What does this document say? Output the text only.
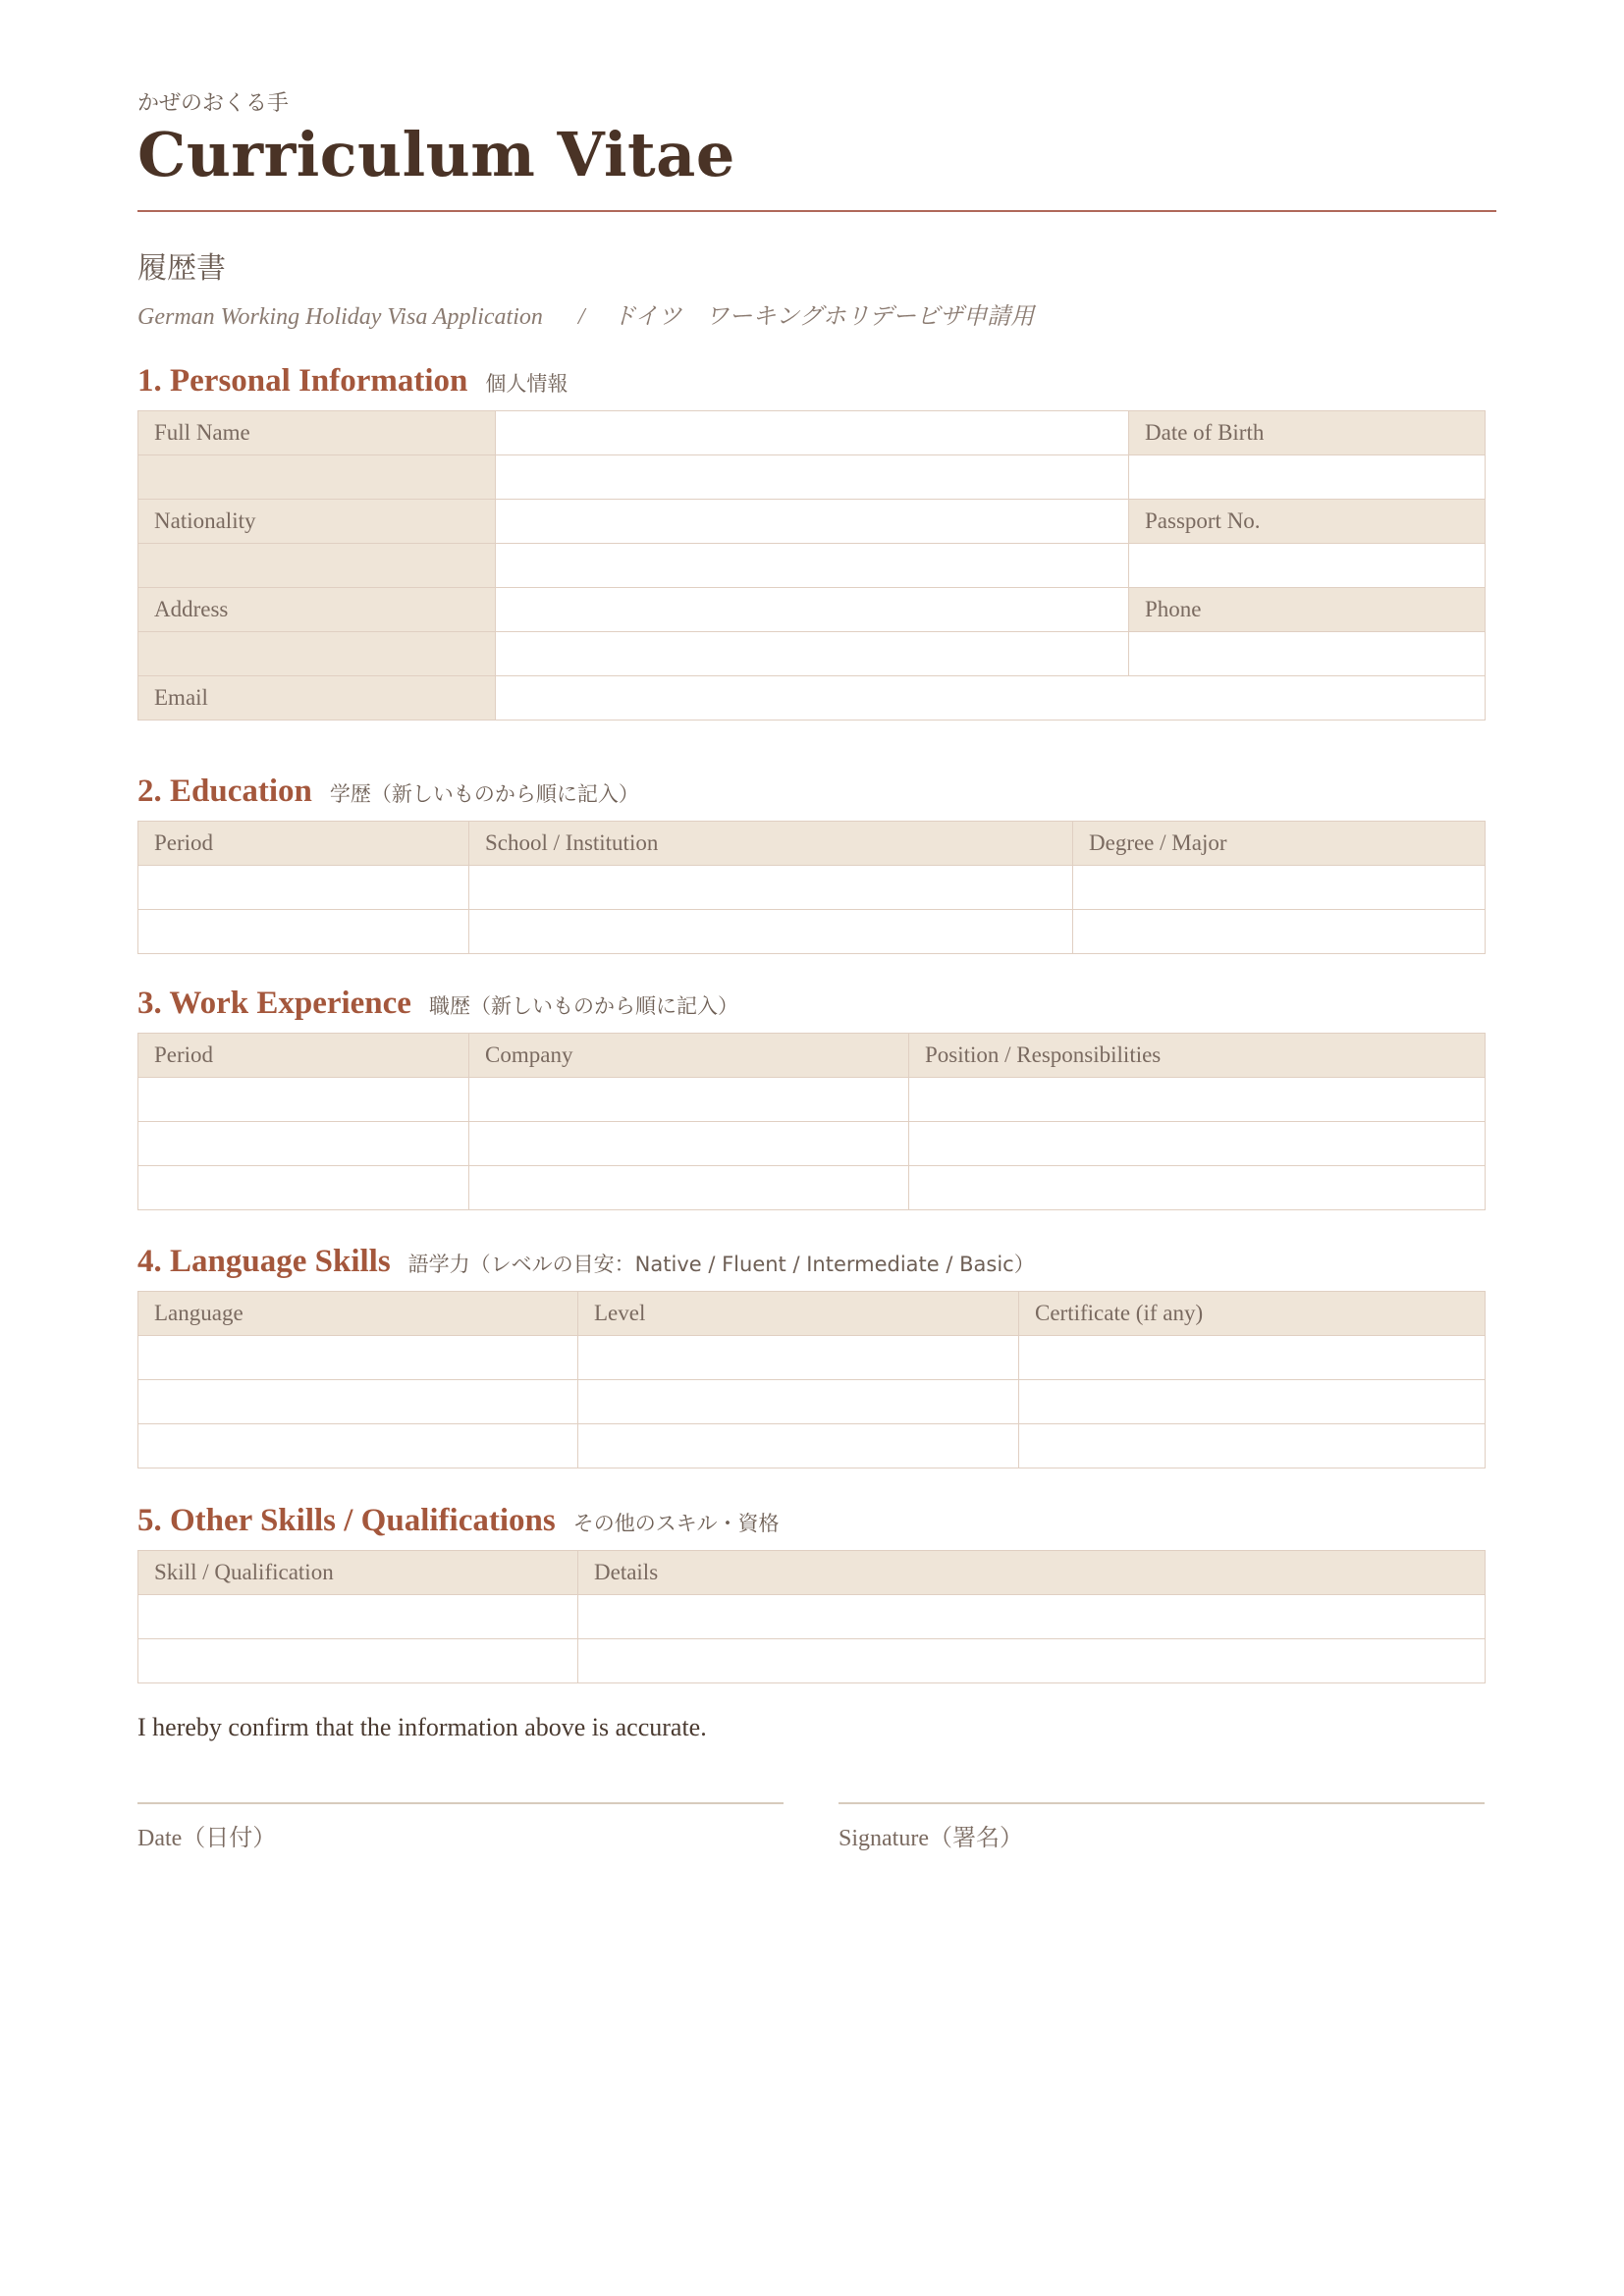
かぜのおくる手
Curriculum Vitae
履歴書
German Working Holiday Visa Application / ドイツ　ワーキングホリデービザ申請用
1. Personal Information 個人情報
Full Name		Date of Birth

Nationality		Passport No.

Address		Phone

Email		
2. Education 学歴（新しいものから順に記入）
Period	School / Institution	Degree / Major

3. Work Experience 職歴（新しいものから順に記入）
Period	Company	Position / Responsibilities

4. Language Skills 語学力（レベルの目安：Native / Fluent / Intermediate / Basic）
Language	Level	Certificate (if any)

5. Other Skills / Qualifications その他のスキル・資格
Skill / Qualification	Details

I hereby confirm that the information above is accurate.
Date（日付）	Signature（署名）
